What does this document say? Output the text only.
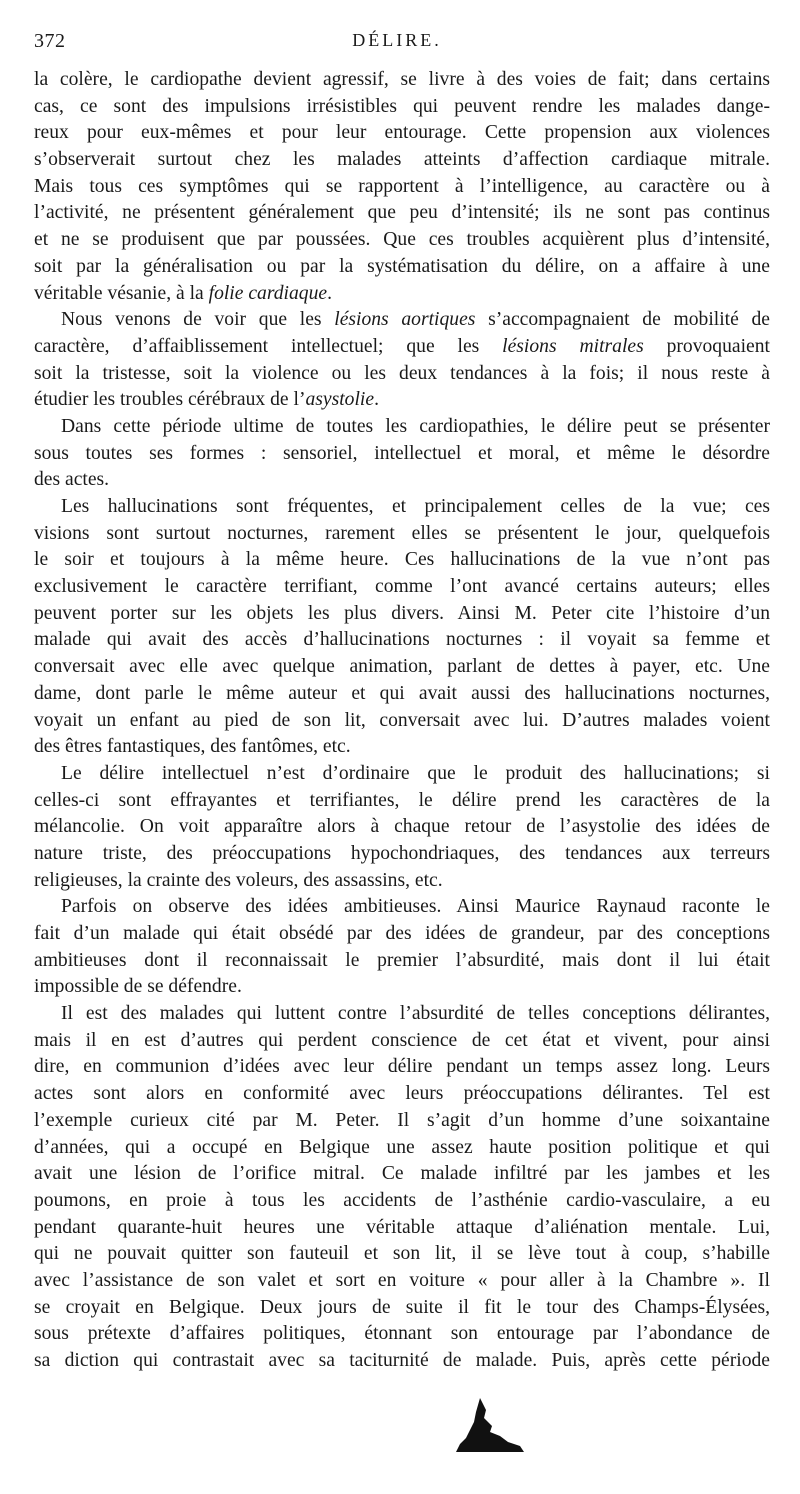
372	DÉLIRE.
la colère, le cardiopathe devient agressif, se livre à des voies de fait; dans certains
cas, ce sont des impulsions irrésistibles qui peuvent rendre les malades dange-
reux pour eux-mêmes et pour leur entourage. Cette propension aux violences
s’observerait surtout chez les malades atteints d’affection cardiaque mitrale.
Mais tous ces symptômes qui se rapportent à l’intelligence, au caractère ou à
l’activité, ne présentent généralement que peu d’intensité; ils ne sont pas continus
et ne se produisent que par poussées. Que ces troubles acquièrent plus d’intensité,
soit par la généralisation ou par la systématisation du délire, on a affaire à une
véritable vésanie, à la folie cardiaque.
Nous venons de voir que les lésions aortiques s’accompagnaient de mobilité de
caractère, d’affaiblissement intellectuel; que les lésions mitrales provoquaient
soit la tristesse, soit la violence ou les deux tendances à la fois; il nous reste à
étudier les troubles cérébraux de l’asystolie.
Dans cette période ultime de toutes les cardiopathies, le délire peut se présenter
sous toutes ses formes : sensoriel, intellectuel et moral, et même le désordre
des actes.
Les hallucinations sont fréquentes, et principalement celles de la vue; ces
visions sont surtout nocturnes, rarement elles se présentent le jour, quelquefois
le soir et toujours à la même heure. Ces hallucinations de la vue n’ont pas
exclusivement le caractère terrifiant, comme l’ont avancé certains auteurs; elles
peuvent porter sur les objets les plus divers. Ainsi M. Peter cite l’histoire d’un
malade qui avait des accès d’hallucinations nocturnes : il voyait sa femme et
conversait avec elle avec quelque animation, parlant de dettes à payer, etc. Une
dame, dont parle le même auteur et qui avait aussi des hallucinations nocturnes,
voyait un enfant au pied de son lit, conversait avec lui. D’autres malades voient
des êtres fantastiques, des fantômes, etc.
Le délire intellectuel n’est d’ordinaire que le produit des hallucinations; si
celles-ci sont effrayantes et terrifiantes, le délire prend les caractères de la
mélancolie. On voit apparaître alors à chaque retour de l’asystolie des idées de
nature triste, des préoccupations hypochondriaques, des tendances aux terreurs
religieuses, la crainte des voleurs, des assassins, etc.
Parfois on observe des idées ambitieuses. Ainsi Maurice Raynaud raconte le
fait d’un malade qui était obsédé par des idées de grandeur, par des conceptions
ambitieuses dont il reconnaissait le premier l’absurdité, mais dont il lui était
impossible de se défendre.
Il est des malades qui luttent contre l’absurdité de telles conceptions délirantes,
mais il en est d’autres qui perdent conscience de cet état et vivent, pour ainsi
dire, en communion d’idées avec leur délire pendant un temps assez long. Leurs
actes sont alors en conformité avec leurs préoccupations délirantes. Tel est
l’exemple curieux cité par M. Peter. Il s’agit d’un homme d’une soixantaine
d’années, qui a occupé en Belgique une assez haute position politique et qui
avait une lésion de l’orifice mitral. Ce malade infiltré par les jambes et les
poumons, en proie à tous les accidents de l’asthénie cardio-vasculaire, a eu
pendant quarante-huit heures une véritable attaque d’aliénation mentale. Lui,
qui ne pouvait quitter son fauteuil et son lit, il se lève tout à coup, s’habille
avec l’assistance de son valet et sort en voiture « pour aller à la Chambre ». Il
se croyait en Belgique. Deux jours de suite il fit le tour des Champs-Élysées,
sous prétexte d’affaires politiques, étonnant son entourage par l’abondance de
sa diction qui contrastait avec sa taciturnité de malade. Puis, après cette période
